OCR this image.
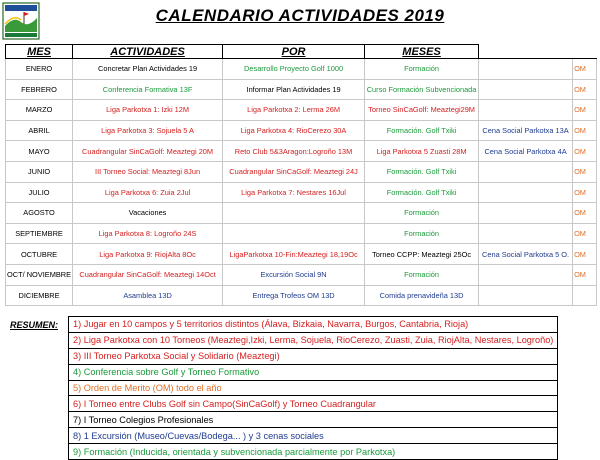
CALENDARIO ACTIVIDADES 2019
MES	ACTIVIDADES	POR	MESES		
ENERO	Concretar Plan Actividades 19	Desarrollo Proyecto Golf 1000	Formación		OM
FEBRERO	Conferencia Formativa 13F	Informar Plan Actividades 19	Curso Formación Subvencionada		OM
MARZO	Liga Parkotxa 1: Izki 12M	Liga Parkotxa 2: Lerma 26M	Torneo SinCaGolf: Meaztegi29M		OM
ABRIL	Liga Parkotxa 3: Sojuela 5 A	Liga Parkotxa 4: RioCerezo 30A	Formación. Golf Txiki	Cena Social Parkotxa 13A	OM
MAYO	Cuadrangular SinCaGolf: Meaztegi 20M	Reto Club 5&3Aragon:Logroño 13M	Liga Parkotxa 5 Zuasti 28M	Cena Social Parkotxa 4A	OM
JUNIO	III Torneo Social: Meaztegi 8Jun	Cuadrangular SinCaGolf: Meaztegi 24J	Formación. Golf Txiki		OM
JULIO	Liga Parkotxa 6: Zuia 2Jul	Liga Parkotxa 7: Nestares 16Jul	Formación. Golf Txiki		OM
AGOSTO	Vacaciones		Formación		OM
SEPTIEMBRE	Liga Parkotxa 8: Logroño 24S		Formación		OM
OCTUBRE	Liga Parkotxa 9: RiojAlta 8Oc	LigaParkotxa 10-Fin:Meaztegi 18,19Oc	Torneo CCPP: Meaztegi 25Oc	Cena Social Parkotxa 5 O.	OM
OCT/ NOVIEMBRE	Cuadrangular SinCaGolf: Meaztegi 14Oct	Excursión Social 9N	Formación		OM
DICIEMBRE	Asamblea 13D	Entrega Trofeos OM 13D	Comida prenavideña 13D		
RESUMEN: 1) Jugar en 10 campos y 5 territorios distintos (Álava, Bizkaia, Navarra, Burgos, Cantabria, Rioja)
2) Liga Parkotxa con 10 Torneos (Meaztegi,Izki, Lerma, Sojuela, RioCerezo, Zuasti, Zuia, RiojAlta, Nestares, Logroño)
3) III Torneo Parkotxa Social y Solidario (Meaztegi)
4) Conferencia sobre Golf y Torneo Formativo
5) Orden de Merito (OM) todo el año
6) I Torneo entre Clubs Golf sin Campo(SinCaGolf) y Torneo Cuadrangular
7) I Torneo Colegios Profesionales
8) 1 Excursión (Museo/Cuevas/Bodega... ) y 3 cenas sociales
9) Formación (Inducida, orientada y subvencionada parcialmente por Parkotxa)
